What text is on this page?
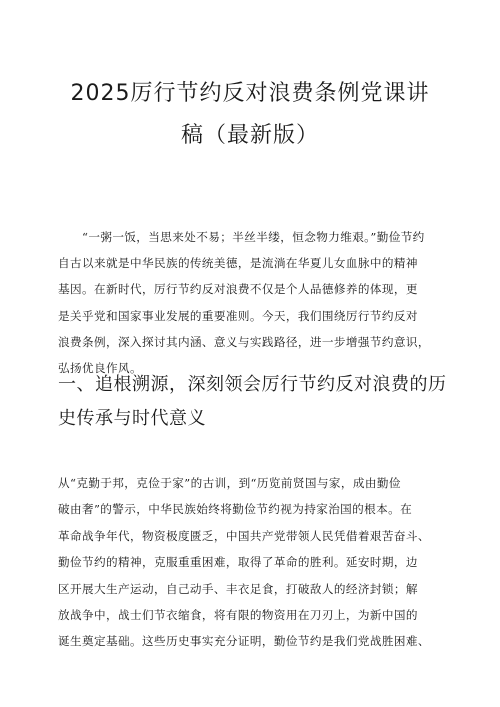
2025厉行节约反对浪费条例党课讲
稿（最新版）

“一粥一饭，当思来处不易；半丝半缕，恒念物力维艰。”勤俭节约
自古以来就是中华民族的传统美德，是流淌在华夏儿女血脉中的精神
基因。在新时代，厉行节约反对浪费不仅是个人品德修养的体现，更
是关乎党和国家事业发展的重要准则。今天，我们围绕厉行节约反对
浪费条例，深入探讨其内涵、意义与实践路径，进一步增强节约意识，
弘扬优良作风。

一、追根溯源，深刻领会厉行节约反对浪费的历
史传承与时代意义

从“克勤于邦，克俭于家”的古训，到“历览前贤国与家，成由勤俭
破由奢”的警示，中华民族始终将勤俭节约视为持家治国的根本。在
革命战争年代，物资极度匮乏，中国共产党带领人民凭借着艰苦奋斗、
勤俭节约的精神，克服重重困难，取得了革命的胜利。延安时期，边
区开展大生产运动，自己动手、丰衣足食，打破敌人的经济封锁；解
放战争中，战士们节衣缩食，将有限的物资用在刀刃上，为新中国的
诞生奠定基础。这些历史事实充分证明，勤俭节约是我们党战胜困难、
